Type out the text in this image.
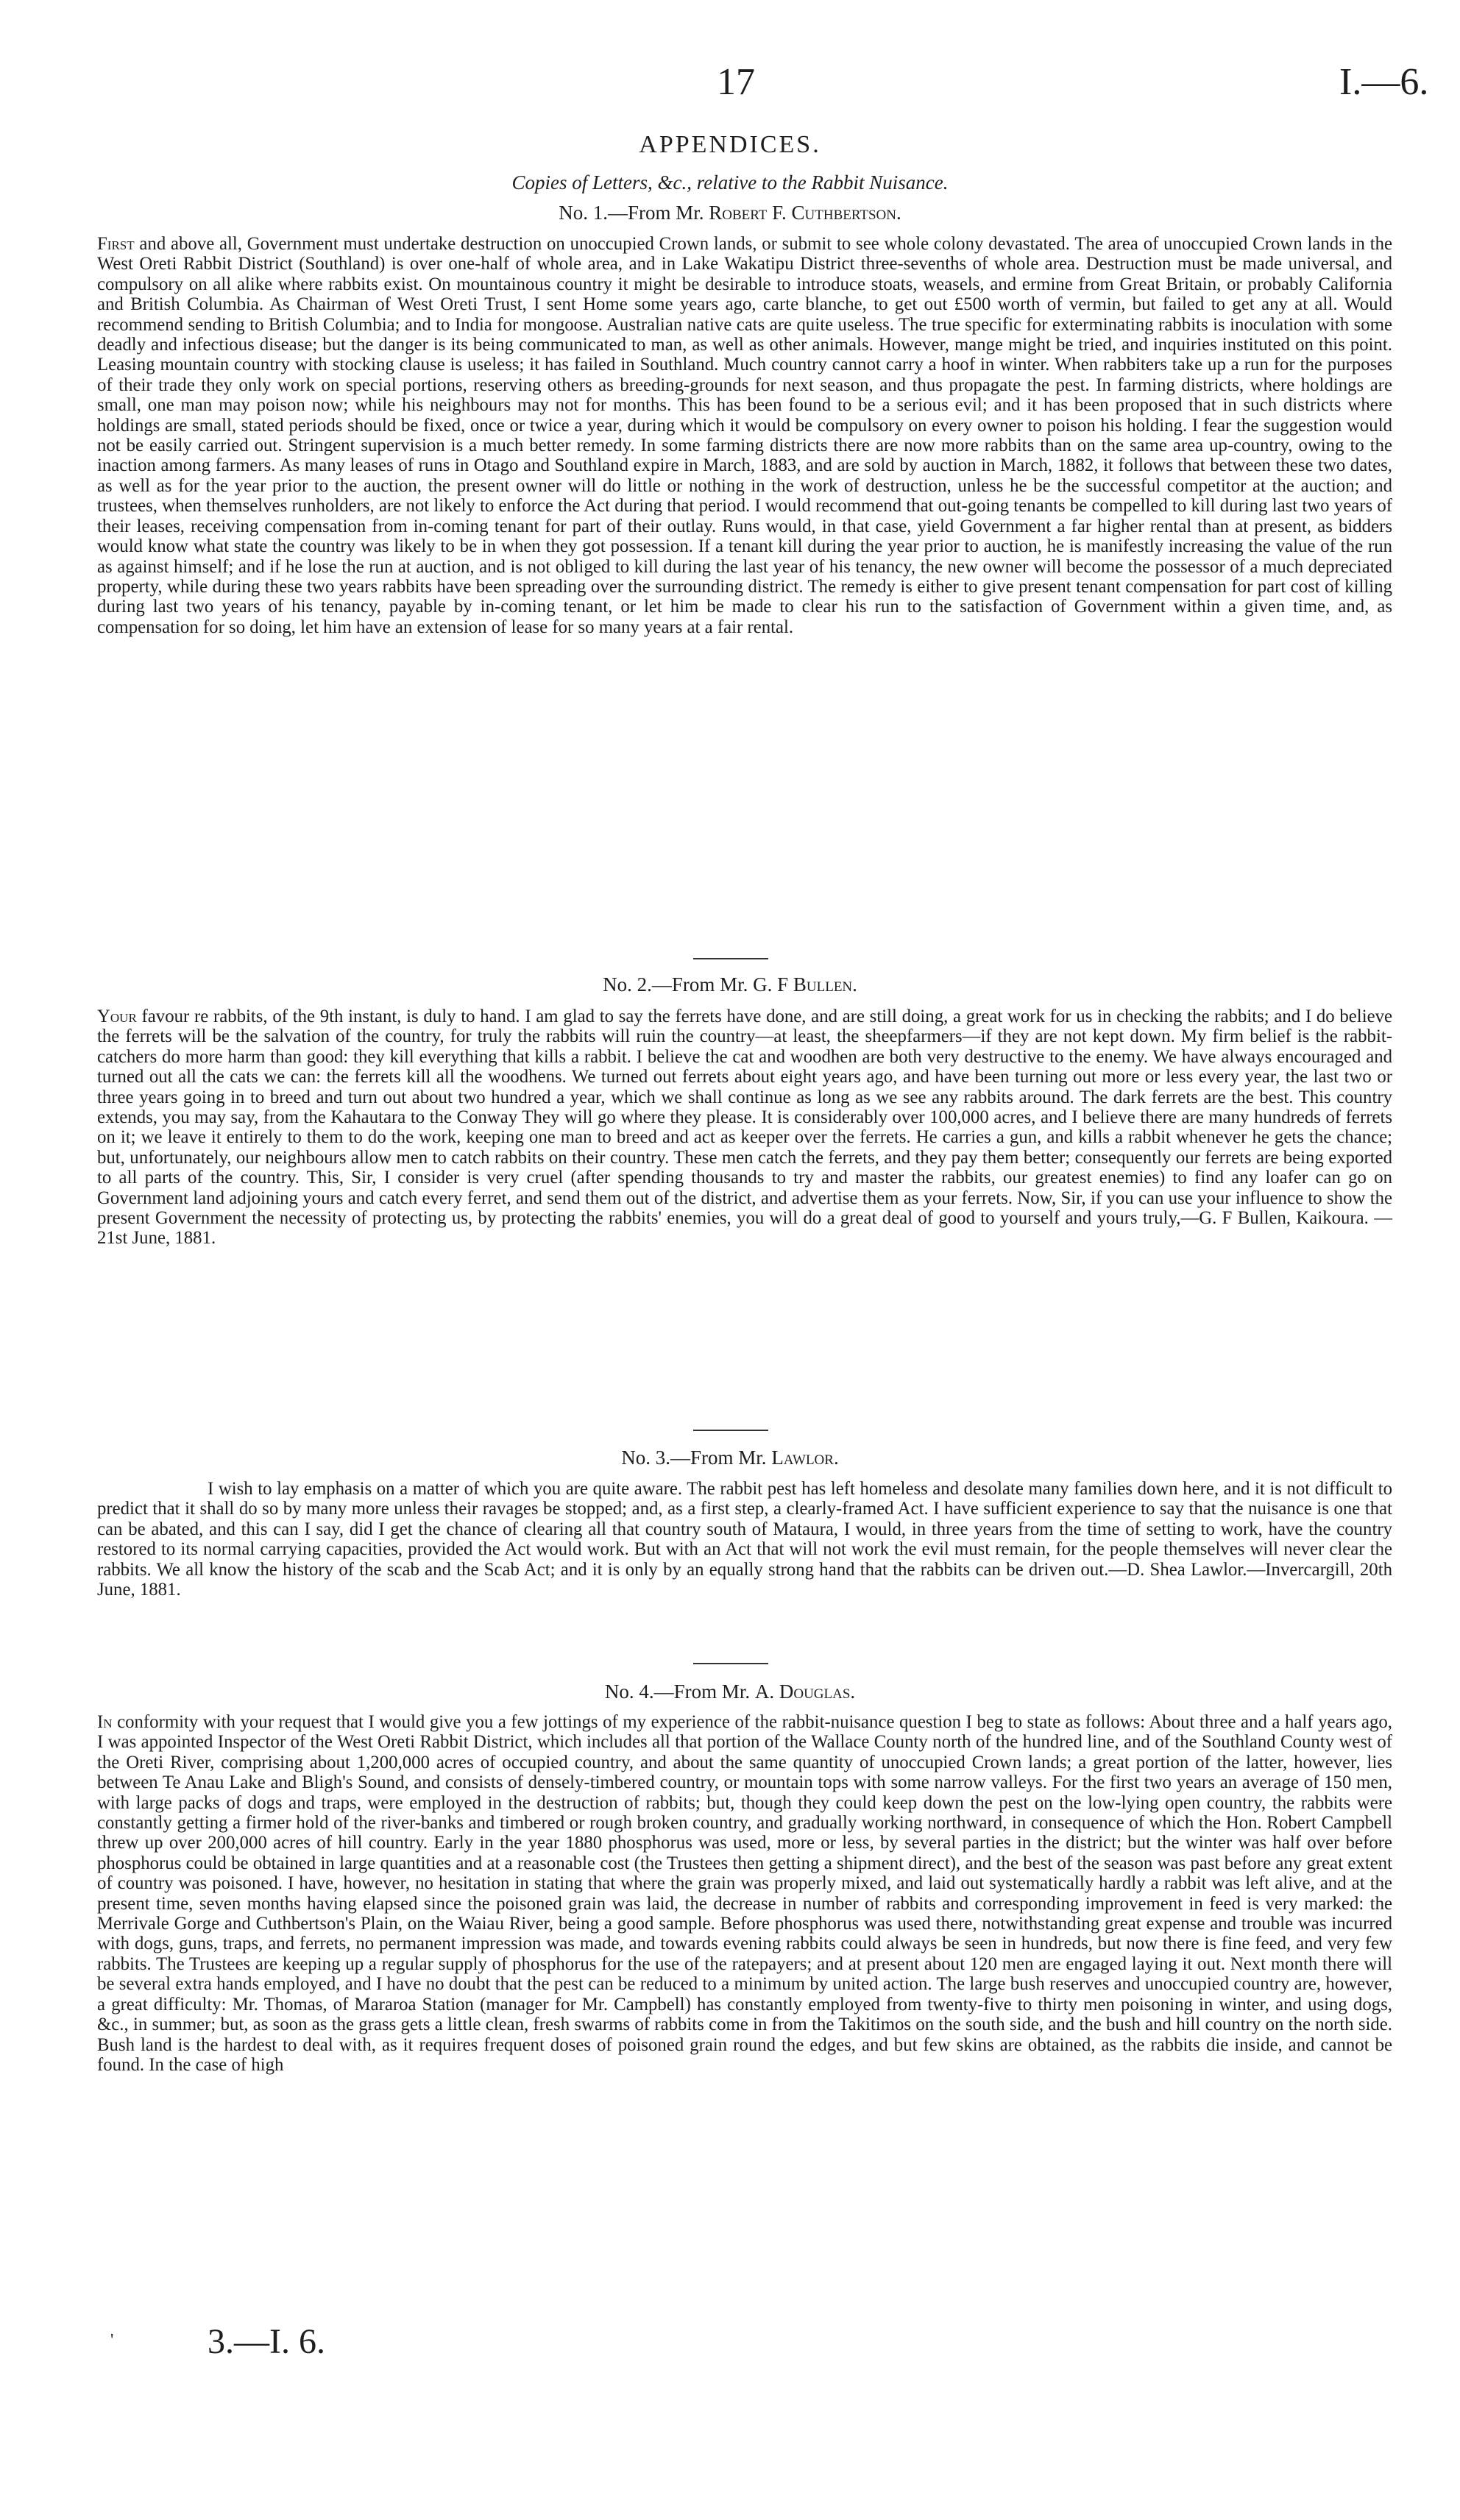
17	I.—6.
APPENDICES.
Copies of Letters, &c., relative to the Rabbit Nuisance.
No. 1.—From Mr. Robert F. Cuthbertson.

First and above all, Government must undertake destruction on unoccupied Crown lands, or submit to see whole colony devastated. The area of unoccupied Crown lands in the West Oreti Rabbit District (Southland) is over one-half of whole area, and in Lake Wakatipu District three-sevenths of whole area. Destruction must be made universal, and compulsory on all alike where rabbits exist. On mountainous country it might be desirable to introduce stoats, weasels, and ermine from Great Britain, or probably California and British Columbia. As Chairman of West Oreti Trust, I sent Home some years ago, carte blanche, to get out £500 worth of vermin, but failed to get any at all. Would recommend sending to British Columbia; and to India for mongoose. Australian native cats are quite useless. The true specific for exterminating rabbits is inoculation with some deadly and infectious disease; but the danger is its being communicated to man, as well as other animals. However, mange might be tried, and inquiries instituted on this point. Leasing mountain country with stocking clause is useless; it has failed in Southland. Much country cannot carry a hoof in winter. When rabbiters take up a run for the purposes of their trade they only work on special portions, reserving others as breeding-grounds for next season, and thus propagate the pest. In farming districts, where holdings are small, one man may poison now; while his neighbours may not for months. This has been found to be a serious evil; and it has been proposed that in such districts where holdings are small, stated periods should be fixed, once or twice a year, during which it would be compulsory on every owner to poison his holding. I fear the suggestion would not be easily carried out. Stringent supervision is a much better remedy. In some farming districts there are now more rabbits than on the same area up-country, owing to the inaction among farmers. As many leases of runs in Otago and Southland expire in March, 1883, and are sold by auction in March, 1882, it follows that between these two dates, as well as for the year prior to the auction, the present owner will do little or nothing in the work of destruction, unless he be the successful competitor at the auction; and trustees, when themselves runholders, are not likely to enforce the Act during that period. I would recommend that out-going tenants be compelled to kill during last two years of their leases, receiving compensation from in-coming tenant for part of their outlay. Runs would, in that case, yield Government a far higher rental than at present, as bidders would know what state the country was likely to be in when they got possession. If a tenant kill during the year prior to auction, he is manifestly increasing the value of the run as against himself; and if he lose the run at auction, and is not obliged to kill during the last year of his tenancy, the new owner will become the possessor of a much depreciated property, while during these two years rabbits have been spreading over the surrounding district. The remedy is either to give present tenant compensation for part cost of killing during last two years of his tenancy, payable by in-coming tenant, or let him be made to clear his run to the satisfaction of Government within a given time, and, as compensation for so doing, let him have an extension of lease for so many years at a fair rental.

No. 2.—From Mr. G. F Bullen.

Your favour re rabbits, of the 9th instant, is duly to hand. I am glad to say the ferrets have done, and are still doing, a great work for us in checking the rabbits; and I do believe the ferrets will be the salvation of the country, for truly the rabbits will ruin the country—at least, the sheepfarmers—if they are not kept down. My firm belief is the rabbit-catchers do more harm than good: they kill everything that kills a rabbit. I believe the cat and woodhen are both very destructive to the enemy. We have always encouraged and turned out all the cats we can: the ferrets kill all the woodhens. We turned out ferrets about eight years ago, and have been turning out more or less every year, the last two or three years going in to breed and turn out about two hundred a year, which we shall continue as long as we see any rabbits around. The dark ferrets are the best. This country extends, you may say, from the Kahautara to the Conway They will go where they please. It is considerably over 100,000 acres, and I believe there are many hundreds of ferrets on it; we leave it entirely to them to do the work, keeping one man to breed and act as keeper over the ferrets. He carries a gun, and kills a rabbit whenever he gets the chance; but, unfortunately, our neighbours allow men to catch rabbits on their country. These men catch the ferrets, and they pay them better; consequently our ferrets are being exported to all parts of the country. This, Sir, I consider is very cruel (after spending thousands to try and master the rabbits, our greatest enemies) to find any loafer can go on Government land adjoining yours and catch every ferret, and send them out of the district, and advertise them as your ferrets. Now, Sir, if you can use your influence to show the present Government the necessity of protecting us, by protecting the rabbits' enemies, you will do a great deal of good to yourself and yours truly,—G. F Bullen, Kaikoura. —21st June, 1881.

No. 3.—From Mr. Lawlor.

I wish to lay emphasis on a matter of which you are quite aware. The rabbit pest has left homeless and desolate many families down here, and it is not difficult to predict that it shall do so by many more unless their ravages be stopped; and, as a first step, a clearly-framed Act. I have sufficient experience to say that the nuisance is one that can be abated, and this can I say, did I get the chance of clearing all that country south of Mataura, I would, in three years from the time of setting to work, have the country restored to its normal carrying capacities, provided the Act would work. But with an Act that will not work the evil must remain, for the people themselves will never clear the rabbits. We all know the history of the scab and the Scab Act; and it is only by an equally strong hand that the rabbits can be driven out.—D. Shea Lawlor.—Invercargill, 20th June, 1881.

No. 4.—From Mr. A. Douglas.

In conformity with your request that I would give you a few jottings of my experience of the rabbit-nuisance question I beg to state as follows: About three and a half years ago, I was appointed Inspector of the West Oreti Rabbit District, which includes all that portion of the Wallace County north of the hundred line, and of the Southland County west of the Oreti River, comprising about 1,200,000 acres of occupied country, and about the same quantity of unoccupied Crown lands; a great portion of the latter, however, lies between Te Anau Lake and Bligh's Sound, and consists of densely-timbered country, or mountain tops with some narrow valleys. For the first two years an average of 150 men, with large packs of dogs and traps, were employed in the destruction of rabbits; but, though they could keep down the pest on the low-lying open country, the rabbits were constantly getting a firmer hold of the river-banks and timbered or rough broken country, and gradually working northward, in consequence of which the Hon. Robert Campbell threw up over 200,000 acres of hill country. Early in the year 1880 phosphorus was used, more or less, by several parties in the district; but the winter was half over before phosphorus could be obtained in large quantities and at a reasonable cost (the Trustees then getting a shipment direct), and the best of the season was past before any great extent of country was poisoned. I have, however, no hesitation in stating that where the grain was properly mixed, and laid out systematically hardly a rabbit was left alive, and at the present time, seven months having elapsed since the poisoned grain was laid, the decrease in number of rabbits and corresponding improvement in feed is very marked: the Merrivale Gorge and Cuthbertson's Plain, on the Waiau River, being a good sample. Before phosphorus was used there, notwithstanding great expense and trouble was incurred with dogs, guns, traps, and ferrets, no permanent impression was made, and towards evening rabbits could always be seen in hundreds, but now there is fine feed, and very few rabbits. The Trustees are keeping up a regular supply of phosphorus for the use of the ratepayers; and at present about 120 men are engaged laying it out. Next month there will be several extra hands employed, and I have no doubt that the pest can be reduced to a minimum by united action. The large bush reserves and unoccupied country are, however, a great difficulty: Mr. Thomas, of Mararoa Station (manager for Mr. Campbell) has constantly employed from twenty-five to thirty men poisoning in winter, and using dogs, &c., in summer; but, as soon as the grass gets a little clean, fresh swarms of rabbits come in from the Takitimos on the south side, and the bush and hill country on the north side. Bush land is the hardest to deal with, as it requires frequent doses of poisoned grain round the edges, and but few skins are obtained, as the rabbits die inside, and cannot be found. In the case of high

'	3.—I. 6.
